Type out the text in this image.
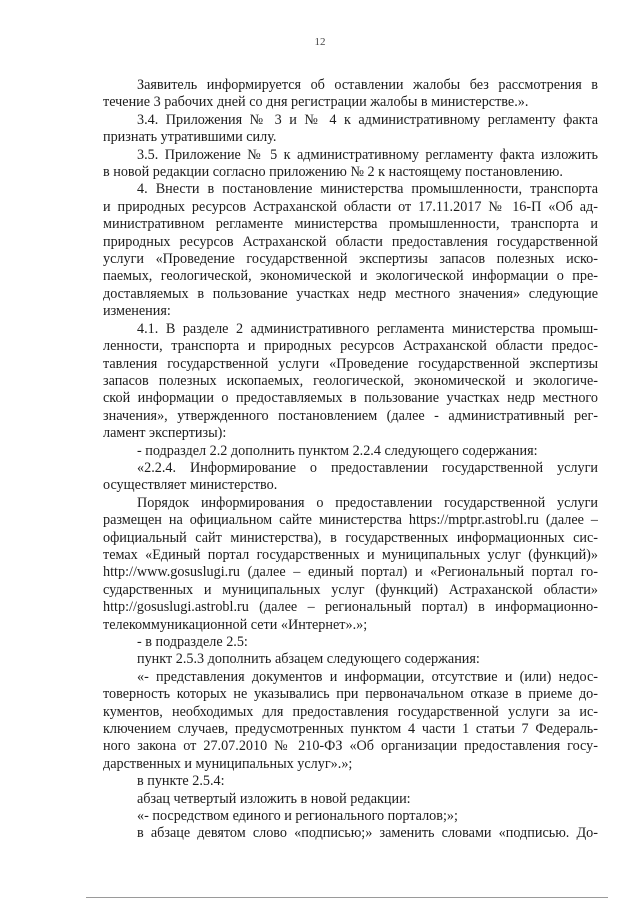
12

Заявитель информируется об оставлении жалобы без рассмотрения в

течение 3 рабочих дней со дня регистрации жалобы в министерстве.».

3.4. Приложения № 3 и № 4 к административному регламенту факта

признать утратившими силу.

3.5. Приложение № 5 к административному регламенту факта изложить

в новой редакции согласно приложению № 2 к настоящему постановлению.

4. Внести в постановление министерства промышленности, транспорта

и природных ресурсов Астраханской области от 17.11.2017 № 16-П «Об ад-

министративном регламенте министерства промышленности, транспорта и

природных ресурсов Астраханской области предоставления государственной

услуги «Проведение государственной экспертизы запасов полезных иско-

паемых, геологической, экономической и экологической информации о пре-

доставляемых в пользование участках недр местного значения» следующие

изменения:

4.1. В разделе 2 административного регламента министерства промыш-

ленности, транспорта и природных ресурсов Астраханской области предос-

тавления государственной услуги «Проведение государственной экспертизы

запасов полезных ископаемых, геологической, экономической и экологиче-

ской информации о предоставляемых в пользование участках недр местного

значения», утвержденного постановлением (далее - административный рег-

ламент экспертизы):

- подраздел 2.2 дополнить пунктом 2.2.4 следующего содержания:

«2.2.4. Информирование о предоставлении государственной услуги

осуществляет министерство.

Порядок информирования о предоставлении государственной услуги

размещен на официальном сайте министерства https://mptpr.astrobl.ru (далее –

официальный сайт министерства), в государственных информационных сис-

темах «Единый портал государственных и муниципальных услуг (функций)»

http://www.gosuslugi.ru (далее – единый портал) и «Региональный портал го-

сударственных и муниципальных услуг (функций) Астраханской области»

http://gosuslugi.astrobl.ru (далее – региональный портал) в информационно-

телекоммуникационной сети «Интернет».»;

- в подразделе 2.5:

пункт 2.5.3 дополнить абзацем следующего содержания:

«- представления документов и информации, отсутствие и (или) недос-

товерность которых не указывались при первоначальном отказе в приеме до-

кументов, необходимых для предоставления государственной услуги за ис-

ключением случаев, предусмотренных пунктом 4 части 1 статьи 7 Федераль-

ного закона от 27.07.2010 № 210-ФЗ «Об организации предоставления госу-

дарственных и муниципальных услуг».»;

в пункте 2.5.4:

абзац четвертый изложить в новой редакции:

«- посредством единого и регионального порталов;»;

в абзаце девятом слово «подписью;» заменить словами «подписью. До-
